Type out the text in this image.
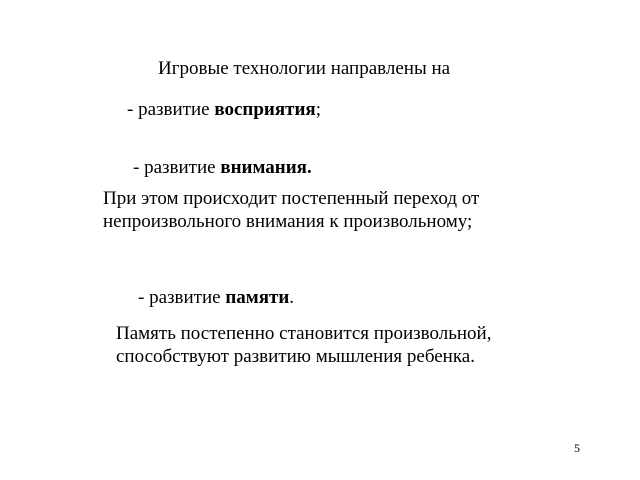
Игровые технологии направлены на
- развитие восприятия;
- развитие внимания.
При этом происходит постепенный переход от непроизвольного внимания к произвольному;
- развитие памяти.
Память постепенно становится произвольной, способствуют развитию мышления ребенка.
5
